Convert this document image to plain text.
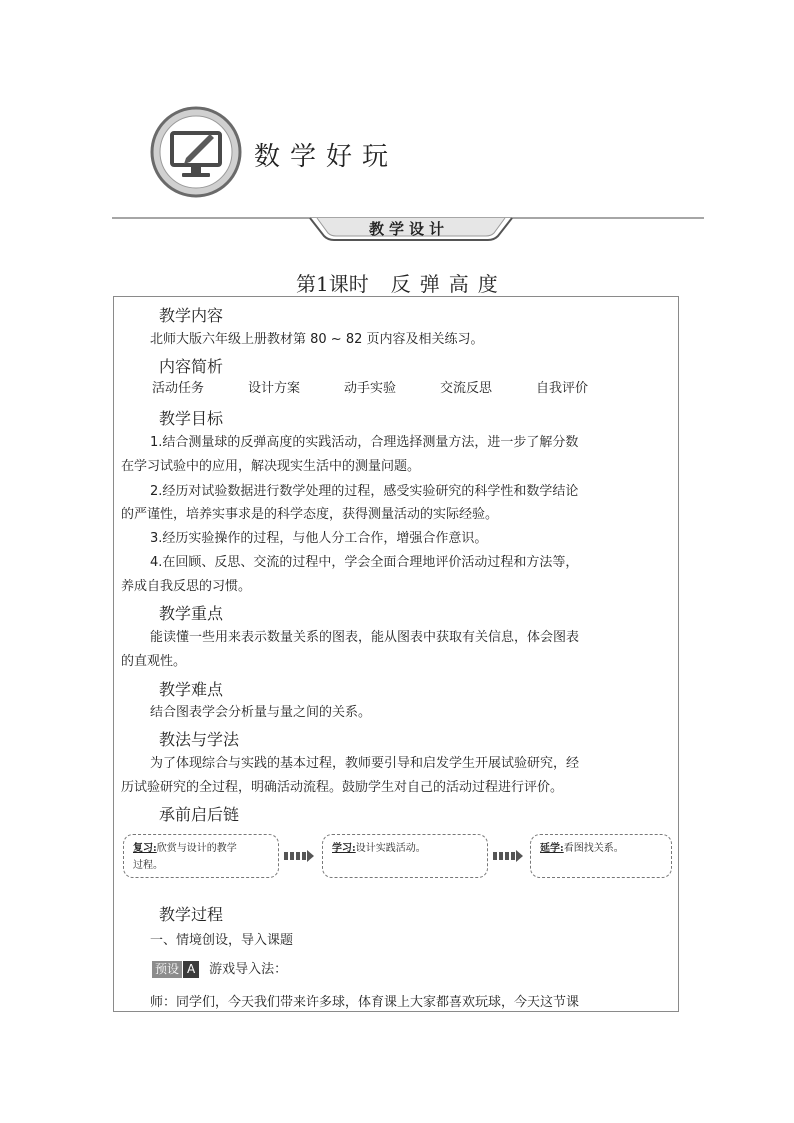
数学好玩
教学设计
第1课时 反弹高度
教学内容
北师大版六年级上册教材第 80 ~ 82 页内容及相关练习。
内容简析
活动任务	设计方案	动手实验	交流反思	自我评价
教学目标
1.结合测量球的反弹高度的实践活动，合理选择测量方法，进一步了解分数
在学习试验中的应用，解决现实生活中的测量问题。
2.经历对试验数据进行数学处理的过程，感受实验研究的科学性和数学结论
的严谨性，培养实事求是的科学态度，获得测量活动的实际经验。
3.经历实验操作的过程，与他人分工合作，增强合作意识。
4.在回顾、反思、交流的过程中，学会全面合理地评价活动过程和方法等，
养成自我反思的习惯。
教学重点
能读懂一些用来表示数量关系的图表，能从图表中获取有关信息，体会图表
的直观性。
教学难点
结合图表学会分析量与量之间的关系。
教法与学法
为了体现综合与实践的基本过程，教师要引导和启发学生开展试验研究，经
历试验研究的全过程，明确活动流程。鼓励学生对自己的活动过程进行评价。
承前启后链
复习:欣赏与设计的教学
过程。
学习:设计实践活动。	延学:看图找关系。
教学过程
一、情境创设，导入课题
预设 A 游戏导入法：
师：同学们，今天我们带来许多球，体育课上大家都喜欢玩球，今天这节课
